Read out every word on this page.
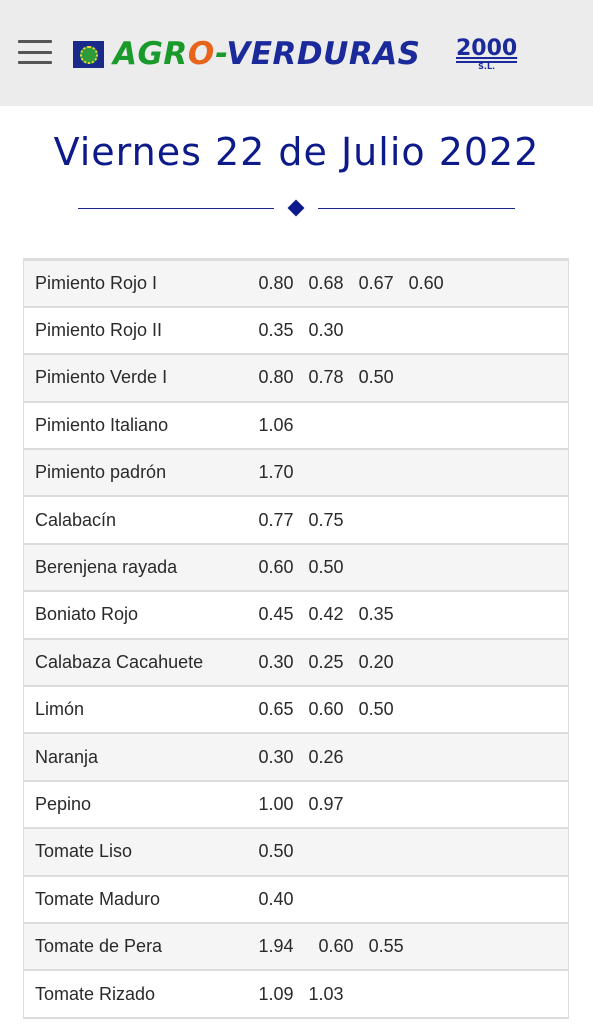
AGRO-VERDURAS 2000
S.L.
Viernes 22 de Julio 2022
Pimiento Rojo I	0.80   0.68   0.67   0.60
Pimiento Rojo II	0.35   0.30
Pimiento Verde I	0.80   0.78   0.50
Pimiento Italiano	1.06
Pimiento padrón	1.70
Calabacín	0.77   0.75
Berenjena rayada	0.60   0.50
Boniato Rojo	0.45   0.42   0.35
Calabaza Cacahuete	0.30   0.25   0.20
Limón	0.65   0.60   0.50
Naranja	0.30   0.26
Pepino	1.00   0.97
Tomate Liso	0.50
Tomate Maduro	0.40
Tomate de Pera	1.94     0.60   0.55
Tomate Rizado	1.09   1.03
